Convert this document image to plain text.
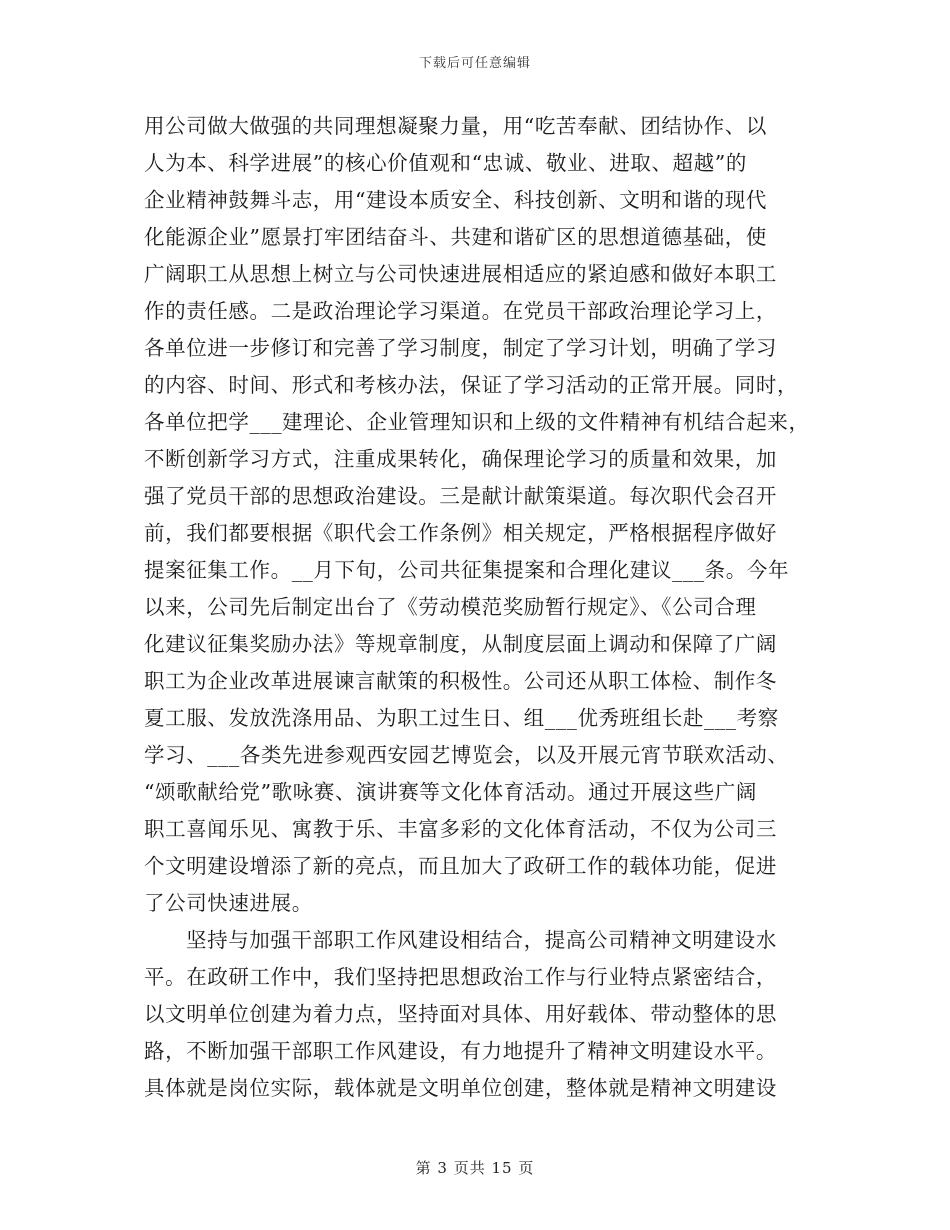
下载后可任意编辑
用公司做大做强的共同理想凝聚力量，用“吃苦奉献、团结协作、以
人为本、科学进展”的核心价值观和“忠诚、敬业、进取、超越”的
企业精神鼓舞斗志，用“建设本质安全、科技创新、文明和谐的现代
化能源企业”愿景打牢团结奋斗、共建和谐矿区的思想道德基础，使
广阔职工从思想上树立与公司快速进展相适应的紧迫感和做好本职工
作的责任感。二是政治理论学习渠道。在党员干部政治理论学习上，
各单位进一步修订和完善了学习制度，制定了学习计划，明确了学习
的内容、时间、形式和考核办法，保证了学习活动的正常开展。同时，
各单位把学___建理论、企业管理知识和上级的文件精神有机结合起来，
不断创新学习方式，注重成果转化，确保理论学习的质量和效果，加
强了党员干部的思想政治建设。三是献计献策渠道。每次职代会召开
前，我们都要根据《职代会工作条例》相关规定，严格根据程序做好
提案征集工作。__月下旬，公司共征集提案和合理化建议___条。今年
以来，公司先后制定出台了《劳动模范奖励暂行规定》、《公司合理
化建议征集奖励办法》等规章制度，从制度层面上调动和保障了广阔
职工为企业改革进展谏言献策的积极性。公司还从职工体检、制作冬
夏工服、发放洗涤用品、为职工过生日、组___优秀班组长赴___考察
学习、___各类先进参观西安园艺博览会，以及开展元宵节联欢活动、
“颂歌献给党”歌咏赛、演讲赛等文化体育活动。通过开展这些广阔
职工喜闻乐见、寓教于乐、丰富多彩的文化体育活动，不仅为公司三
个文明建设增添了新的亮点，而且加大了政研工作的载体功能，促进
了公司快速进展。
坚持与加强干部职工作风建设相结合，提高公司精神文明建设水
平。在政研工作中，我们坚持把思想政治工作与行业特点紧密结合，
以文明单位创建为着力点，坚持面对具体、用好载体、带动整体的思
路，不断加强干部职工作风建设，有力地提升了精神文明建设水平。
具体就是岗位实际，载体就是文明单位创建，整体就是精神文明建设
第 3 页共 15 页
